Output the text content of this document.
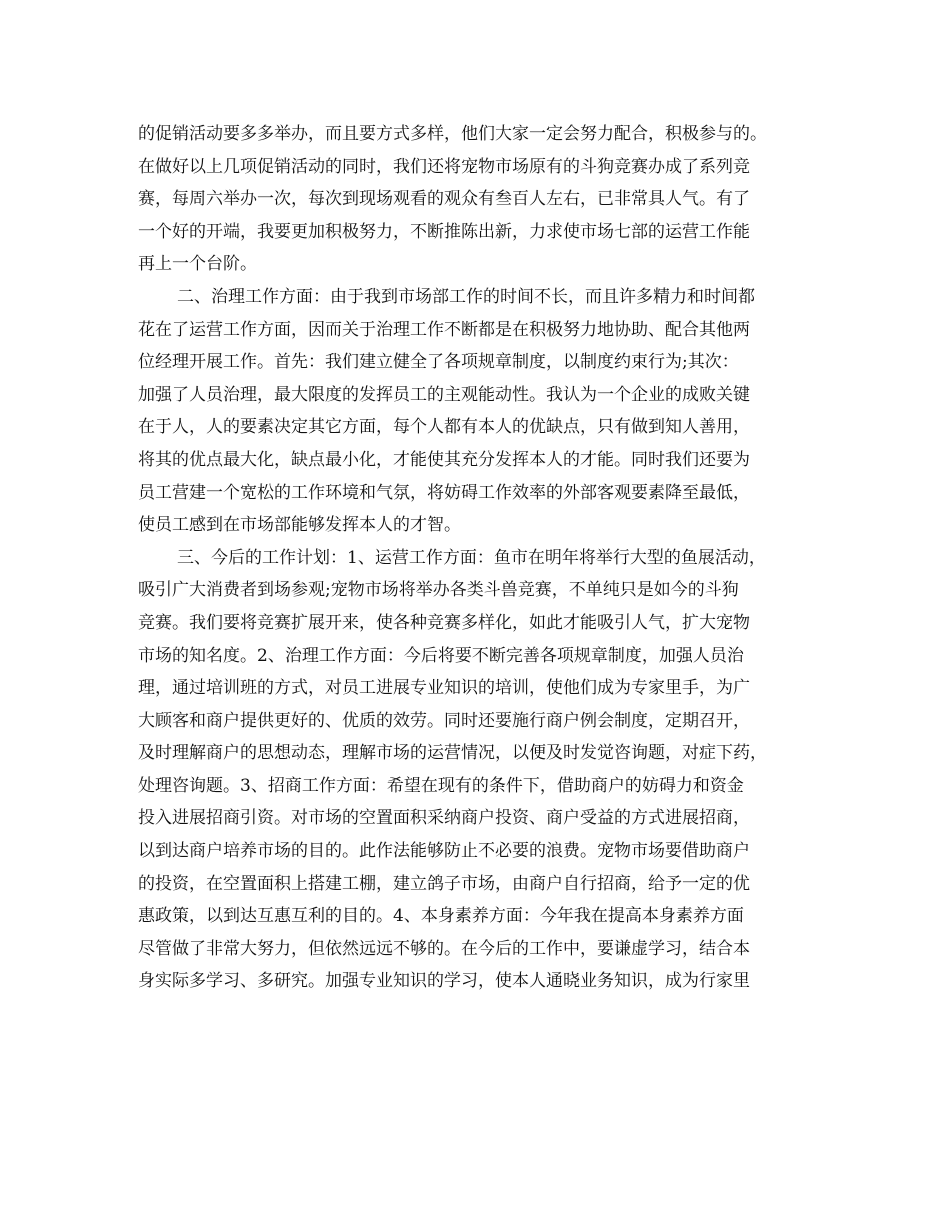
的促销活动要多多举办，而且要方式多样，他们大家一定会努力配合，积极参与的。
在做好以上几项促销活动的同时，我们还将宠物市场原有的斗狗竞赛办成了系列竞
赛，每周六举办一次，每次到现场观看的观众有叁百人左右，已非常具人气。有了
一个好的开端，我要更加积极努力，不断推陈出新，力求使市场七部的运营工作能
再上一个台阶。
二、治理工作方面：由于我到市场部工作的时间不长，而且许多精力和时间都
花在了运营工作方面，因而关于治理工作不断都是在积极努力地协助、配合其他两
位经理开展工作。首先：我们建立健全了各项规章制度，以制度约束行为;其次：
加强了人员治理，最大限度的发挥员工的主观能动性。我认为一个企业的成败关键
在于人，人的要素决定其它方面，每个人都有本人的优缺点，只有做到知人善用，
将其的优点最大化，缺点最小化，才能使其充分发挥本人的才能。同时我们还要为
员工营建一个宽松的工作环境和气氛，将妨碍工作效率的外部客观要素降至最低，
使员工感到在市场部能够发挥本人的才智。
三、今后的工作计划：1、运营工作方面：鱼市在明年将举行大型的鱼展活动，
吸引广大消费者到场参观;宠物市场将举办各类斗兽竞赛，不单纯只是如今的斗狗
竞赛。我们要将竞赛扩展开来，使各种竞赛多样化，如此才能吸引人气，扩大宠物
市场的知名度。2、治理工作方面：今后将要不断完善各项规章制度，加强人员治
理，通过培训班的方式，对员工进展专业知识的培训，使他们成为专家里手，为广
大顾客和商户提供更好的、优质的效劳。同时还要施行商户例会制度，定期召开，
及时理解商户的思想动态，理解市场的运营情况，以便及时发觉咨询题，对症下药，
处理咨询题。3、招商工作方面：希望在现有的条件下，借助商户的妨碍力和资金
投入进展招商引资。对市场的空置面积采纳商户投资、商户受益的方式进展招商，
以到达商户培养市场的目的。此作法能够防止不必要的浪费。宠物市场要借助商户
的投资，在空置面积上搭建工棚，建立鸽子市场，由商户自行招商，给予一定的优
惠政策，以到达互惠互利的目的。4、本身素养方面：今年我在提高本身素养方面
尽管做了非常大努力，但依然远远不够的。在今后的工作中，要谦虚学习，结合本
身实际多学习、多研究。加强专业知识的学习，使本人通晓业务知识，成为行家里
